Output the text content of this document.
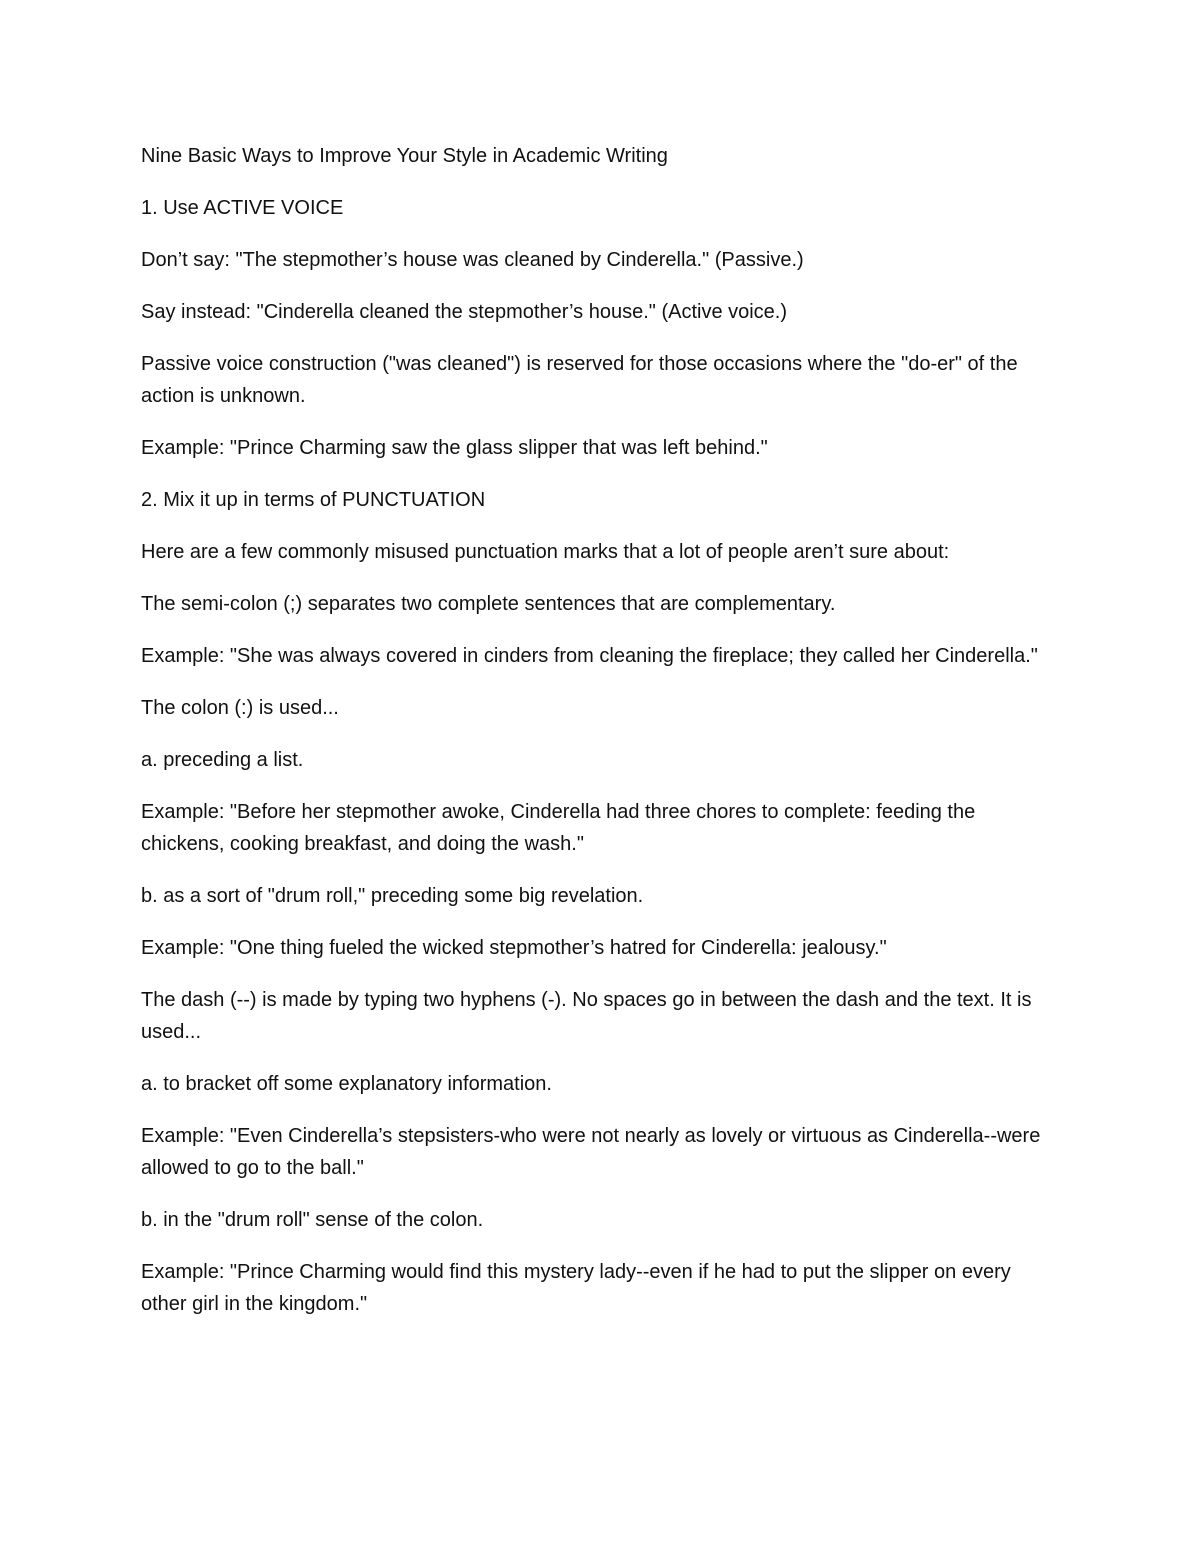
Nine Basic Ways to Improve Your Style in Academic Writing

1. Use ACTIVE VOICE

Don’t say: "The stepmother’s house was cleaned by Cinderella." (Passive.)

Say instead: "Cinderella cleaned the stepmother’s house." (Active voice.)

Passive voice construction ("was cleaned") is reserved for those occasions where the "do-er" of the action is unknown.

Example: "Prince Charming saw the glass slipper that was left behind."

2. Mix it up in terms of PUNCTUATION

Here are a few commonly misused punctuation marks that a lot of people aren’t sure about:

The semi-colon (;) separates two complete sentences that are complementary.

Example: "She was always covered in cinders from cleaning the fireplace; they called her Cinderella."

The colon (:) is used...

a. preceding a list.

Example: "Before her stepmother awoke, Cinderella had three chores to complete: feeding the chickens, cooking breakfast, and doing the wash."

b. as a sort of "drum roll," preceding some big revelation.

Example: "One thing fueled the wicked stepmother’s hatred for Cinderella: jealousy."

The dash (--) is made by typing two hyphens (-). No spaces go in between the dash and the text. It is used...

a. to bracket off some explanatory information.

Example: "Even Cinderella’s stepsisters-who were not nearly as lovely or virtuous as Cinderella--were allowed to go to the ball."

b. in the "drum roll" sense of the colon.

Example: "Prince Charming would find this mystery lady--even if he had to put the slipper on every other girl in the kingdom."
